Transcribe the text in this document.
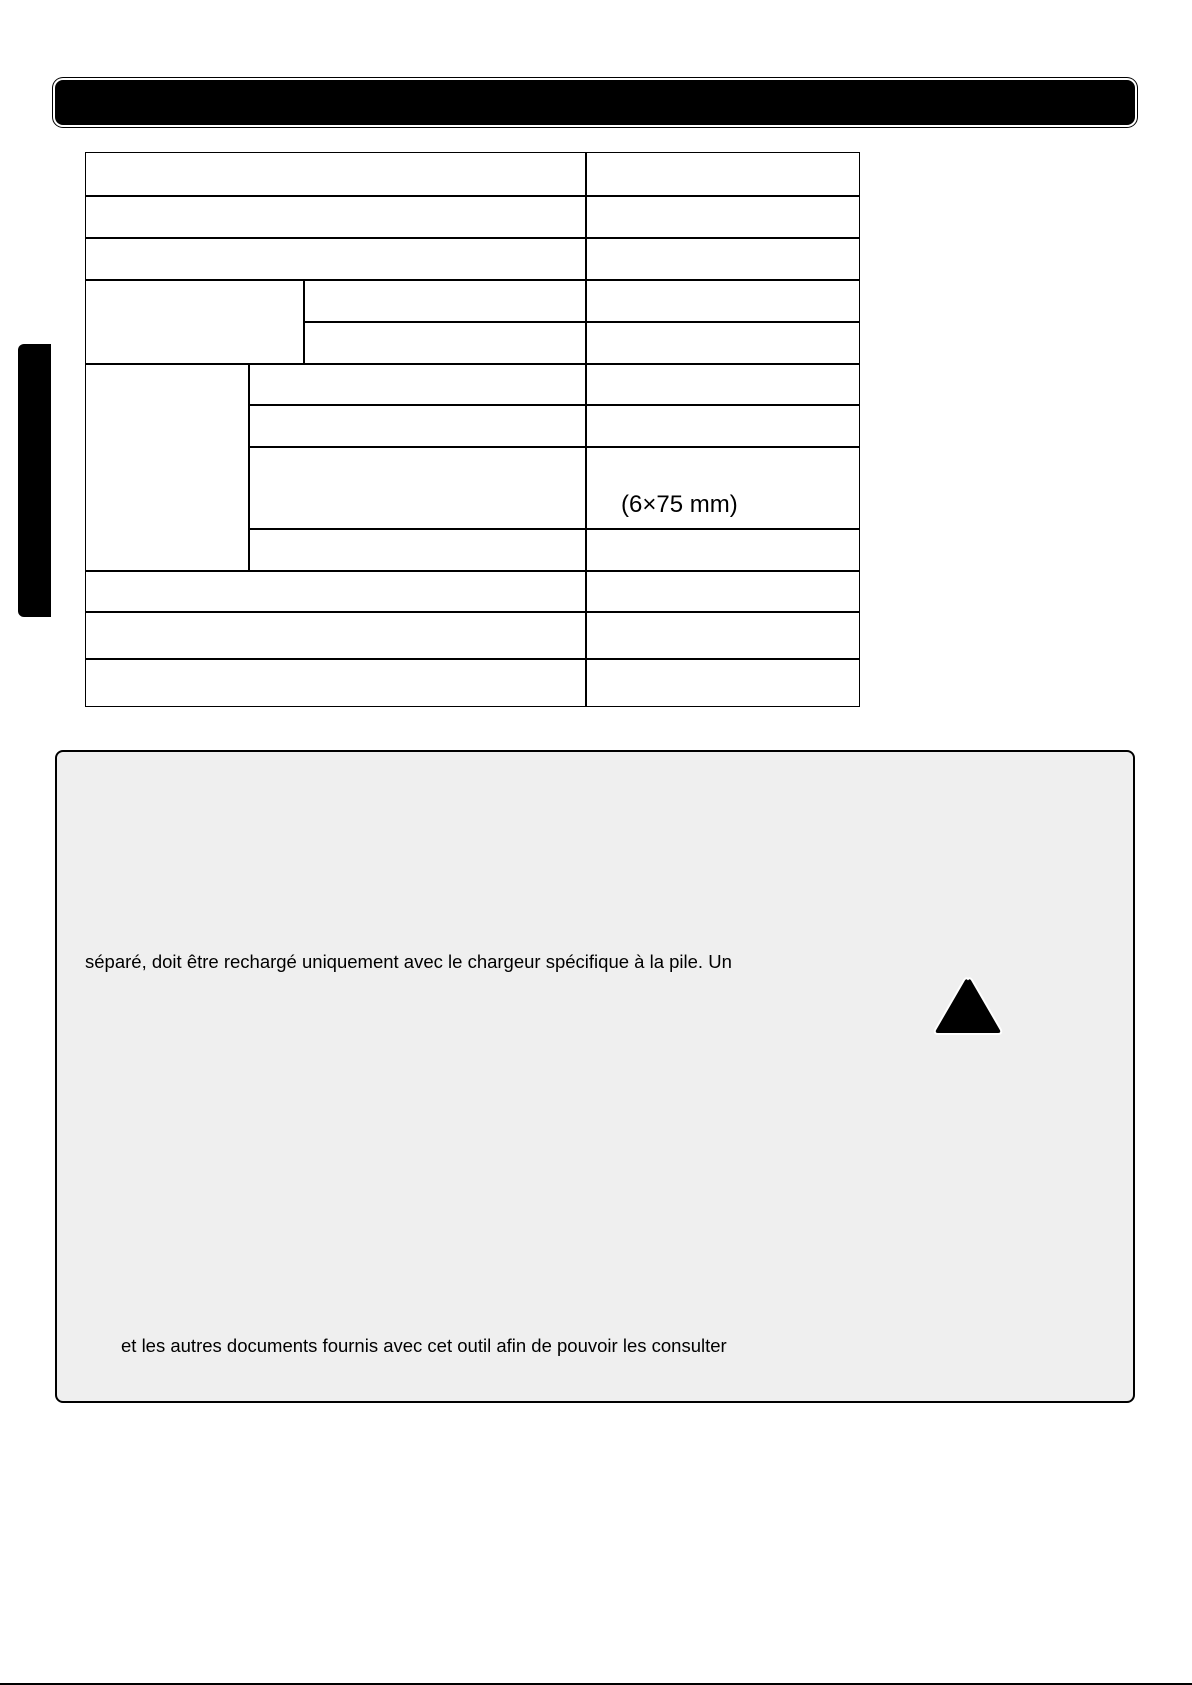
(6×75 mm)
séparé, doit être rechargé uniquement avec le chargeur spécifique à la pile. Un
et les autres documents fournis avec cet outil afin de pouvoir les consulter
